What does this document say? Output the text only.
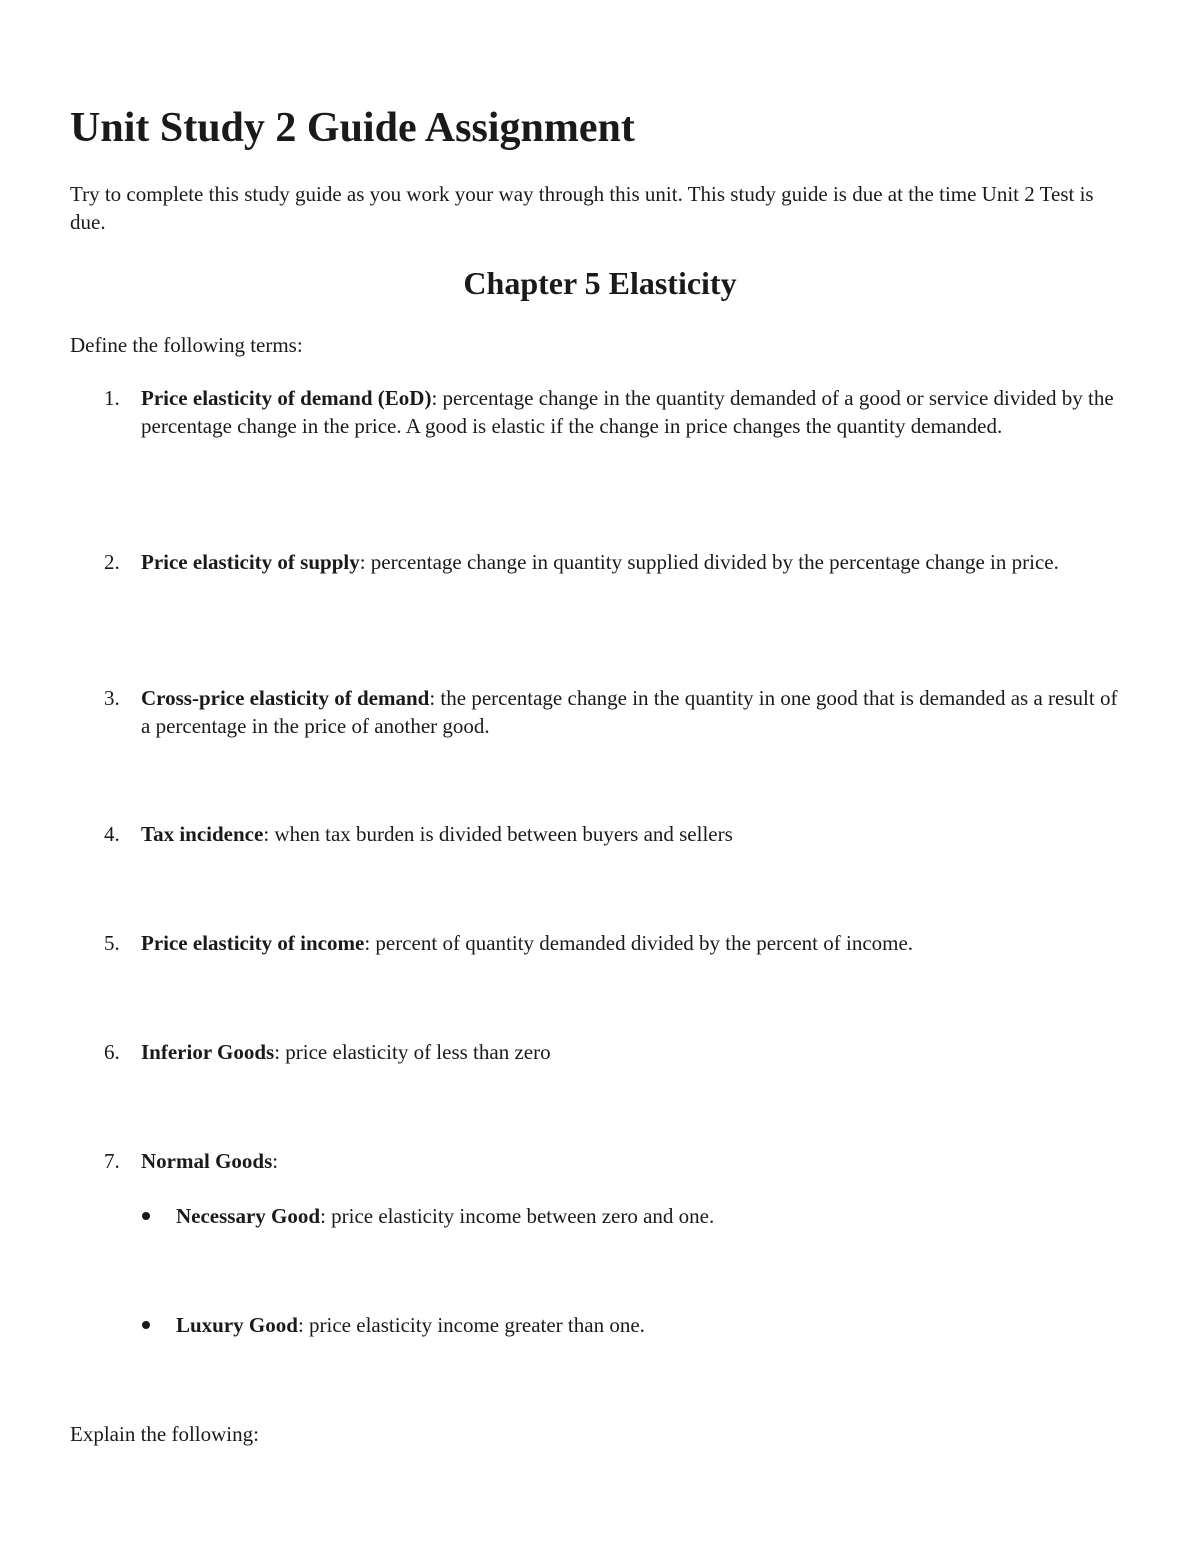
Unit Study 2 Guide Assignment

Try to complete this study guide as you work your way through this unit. This study guide is due at the time Unit 2 Test is due.

Chapter 5 Elasticity

Define the following terms:

1. Price elasticity of demand (EoD): percentage change in the quantity demanded of a good or service divided by the percentage change in the price. A good is elastic if the change in price changes the quantity demanded.
2. Price elasticity of supply: percentage change in quantity supplied divided by the percentage change in price.
3. Cross-price elasticity of demand: the percentage change in the quantity in one good that is demanded as a result of a percentage in the price of another good.
4. Tax incidence: when tax burden is divided between buyers and sellers
5. Price elasticity of income: percent of quantity demanded divided by the percent of income.
6. Inferior Goods: price elasticity of less than zero
7. Normal Goods:
Necessary Good: price elasticity income between zero and one.
Luxury Good: price elasticity income greater than one.

Explain the following:
